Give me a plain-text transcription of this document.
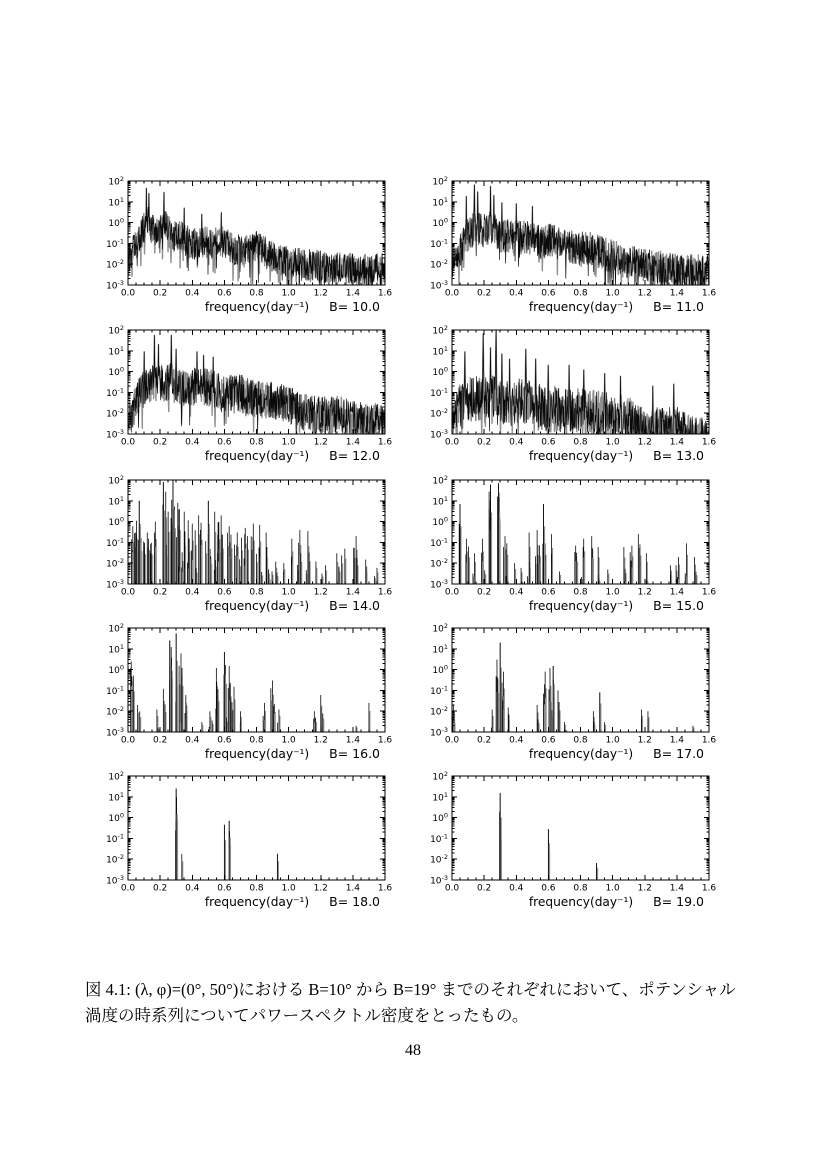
0.0 0.2 0.4 0.6 0.8 1.0 1.2 1.4 1.6
$10^2$
$10^1$
$10^0$
$10^{-1}$
$10^{-2}$
$10^{-3}$
frequency(day⁻¹) B= 10.0
0.0 0.2 0.4 0.6 0.8 1.0 1.2 1.4 1.6
$10^2$
$10^1$
$10^0$
$10^{-1}$
$10^{-2}$
$10^{-3}$
frequency(day⁻¹) B= 11.0
0.0 0.2 0.4 0.6 0.8 1.0 1.2 1.4 1.6
$10^2$
$10^1$
$10^0$
$10^{-1}$
$10^{-2}$
$10^{-3}$
frequency(day⁻¹) B= 12.0
0.0 0.2 0.4 0.6 0.8 1.0 1.2 1.4 1.6
$10^2$
$10^1$
$10^0$
$10^{-1}$
$10^{-2}$
$10^{-3}$
frequency(day⁻¹) B= 13.0
0.0 0.2 0.4 0.6 0.8 1.0 1.2 1.4 1.6
$10^2$
$10^1$
$10^0$
$10^{-1}$
$10^{-2}$
$10^{-3}$
frequency(day⁻¹) B= 14.0
0.0 0.2 0.4 0.6 0.8 1.0 1.2 1.4 1.6
$10^2$
$10^1$
$10^0$
$10^{-1}$
$10^{-2}$
$10^{-3}$
frequency(day⁻¹) B= 15.0
0.0 0.2 0.4 0.6 0.8 1.0 1.2 1.4 1.6
$10^2$
$10^1$
$10^0$
$10^{-1}$
$10^{-2}$
$10^{-3}$
frequency(day⁻¹) B= 16.0
0.0 0.2 0.4 0.6 0.8 1.0 1.2 1.4 1.6
$10^2$
$10^1$
$10^0$
$10^{-1}$
$10^{-2}$
$10^{-3}$
frequency(day⁻¹) B= 17.0
0.0 0.2 0.4 0.6 0.8 1.0 1.2 1.4 1.6
$10^2$
$10^1$
$10^0$
$10^{-1}$
$10^{-2}$
$10^{-3}$
frequency(day⁻¹) B= 18.0
0.0 0.2 0.4 0.6 0.8 1.0 1.2 1.4 1.6
$10^2$
$10^1$
$10^0$
$10^{-1}$
$10^{-2}$
$10^{-3}$
frequency(day⁻¹) B= 19.0

図 4.1: (λ, φ)=(0°, 50°)における B=10° から B=19° までのそれぞれにおいて、ポテンシャル
渦度の時系列についてパワースペクトル密度をとったもの。

48
